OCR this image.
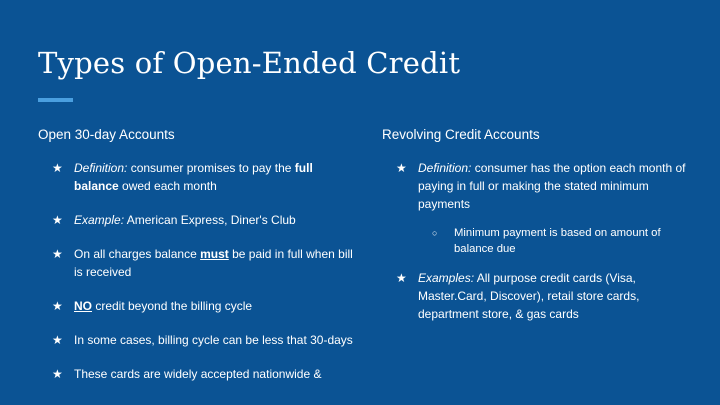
Types of Open-Ended Credit
Open 30-day Accounts
★ Definition: consumer promises to pay the full balance owed each month
★ Example: American Express, Diner's Club
★ On all charges balance must be paid in full when bill is received
★ NO credit beyond the billing cycle
★ In some cases, billing cycle can be less that 30-days
★ These cards are widely accepted nationwide &
Revolving Credit Accounts
★ Definition: consumer has the option each month of paying in full or making the stated minimum payments
○ Minimum payment is based on amount of balance due
★ Examples: All purpose credit cards (Visa, Master.Card, Discover), retail store cards, department store, & gas cards
